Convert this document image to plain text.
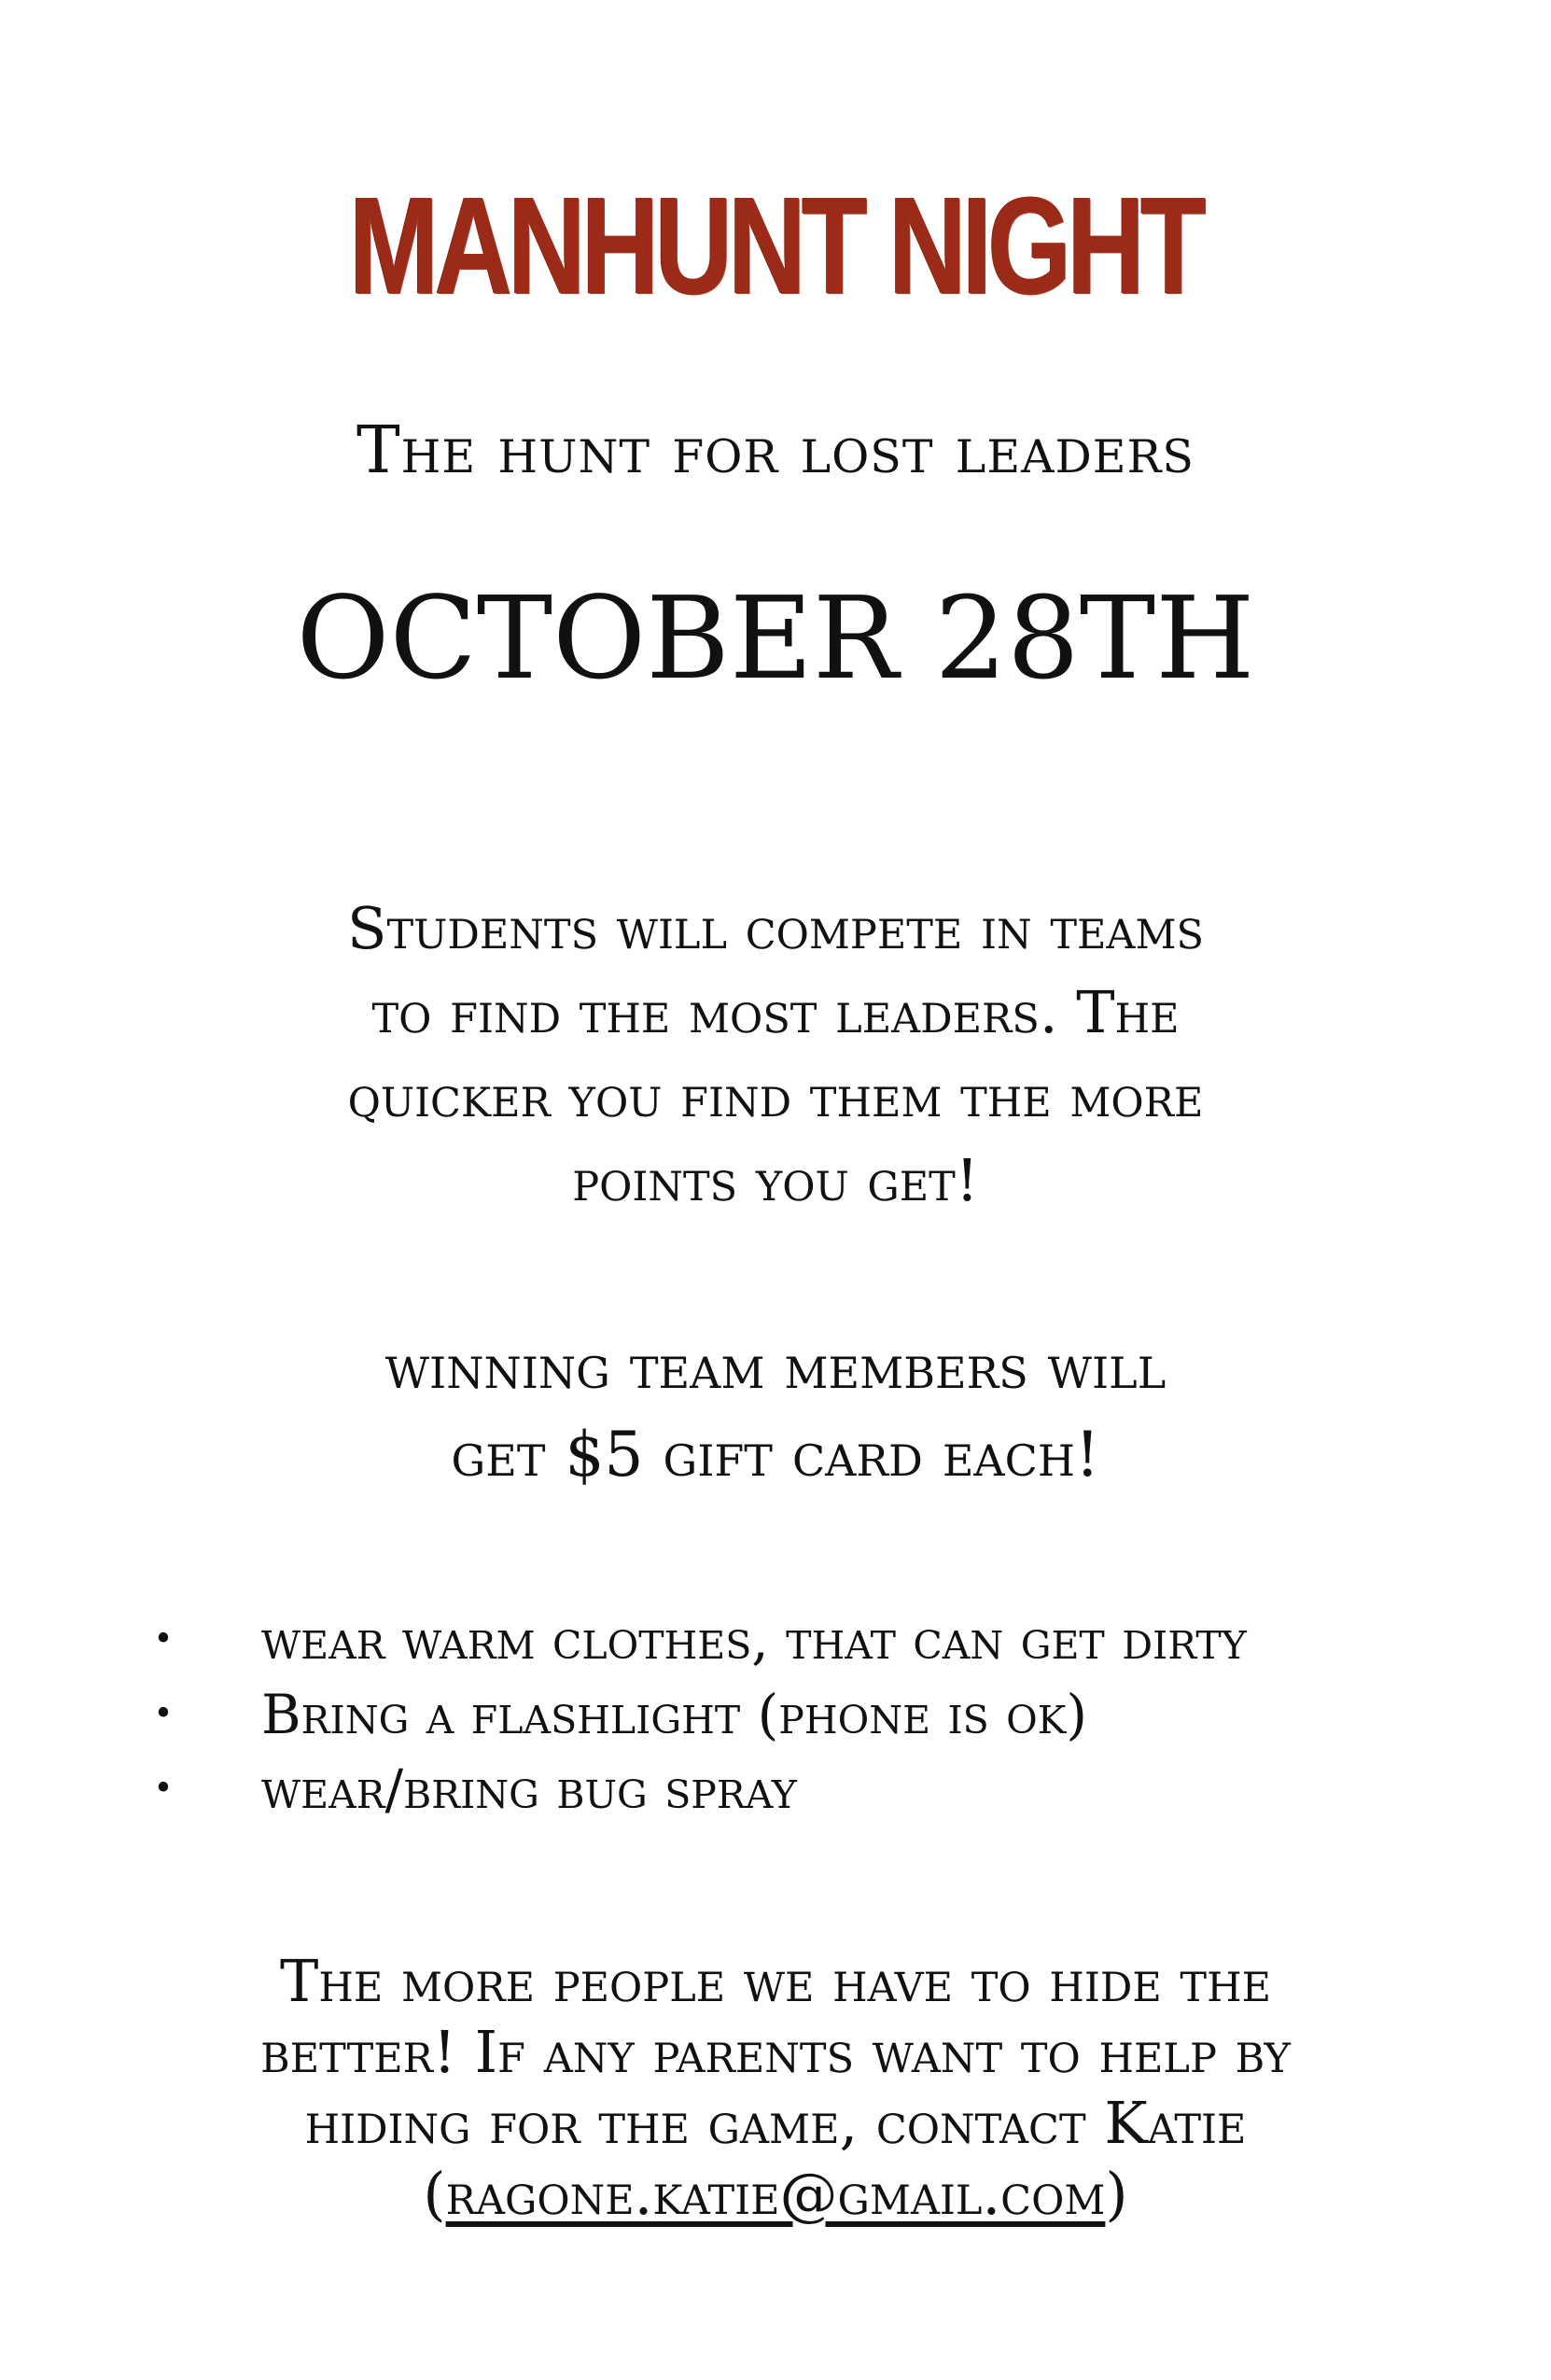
MANHUNT NIGHT
The hunt for lost leaders
OCTOBER 28TH

Students will compete in teams

to find the most leaders. The

quicker you find them the more

points you get!

winning team members will

get $5 gift card each!

• wear warm clothes, that can get dirty
• Bring a flashlight (phone is ok)
• wear/bring bug spray

The more people we have to hide the

better! If any parents want to help by

hiding for the game, contact Katie

(ragone.katie@gmail.com)
